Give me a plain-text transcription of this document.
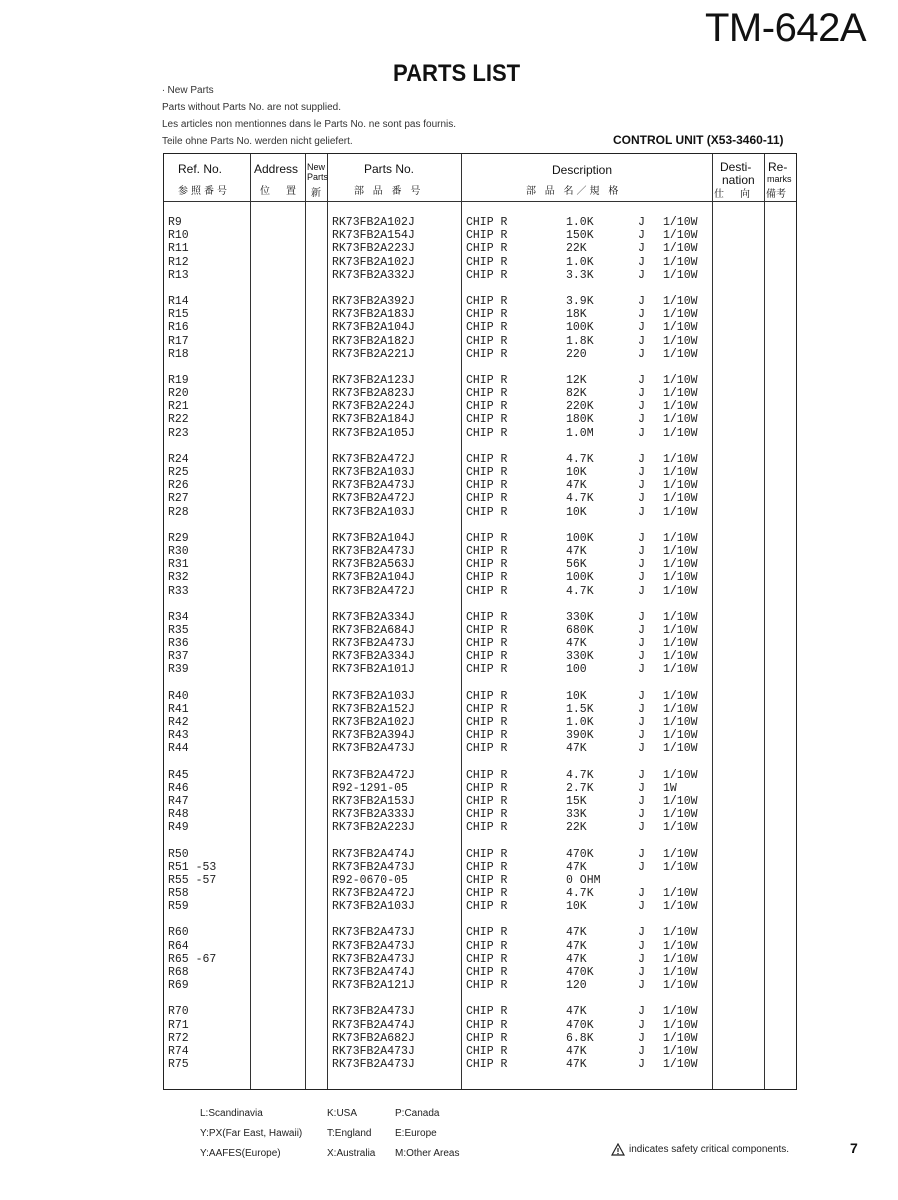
TM-642A
PARTS LIST
∙ New Parts
Parts without Parts No. are not supplied.
Les articles non mentionnes dans le Parts No. ne sont pas fournis.
Teile ohne Parts No. werden nicht geliefert.	CONTROL UNIT (X53-3460-11)
Ref. No.
参照番号
Address
位　置
New
Parts
新
Parts No.
部 品 番 号
Description
部 品 名／規 格
Desti-
nation
仕　向
Re-
marks
備考
R9	RK73FB2A102J	CHIP R	1.0K	J 1/10W
R10	RK73FB2A154J	CHIP R	150K	J 1/10W
R11	RK73FB2A223J	CHIP R	22K	J 1/10W
R12	RK73FB2A102J	CHIP R	1.0K	J 1/10W
R13	RK73FB2A332J	CHIP R	3.3K	J 1/10W
R14	RK73FB2A392J	CHIP R	3.9K	J 1/10W
R15	RK73FB2A183J	CHIP R	18K	J 1/10W
R16	RK73FB2A104J	CHIP R	100K	J 1/10W
R17	RK73FB2A182J	CHIP R	1.8K	J 1/10W
R18	RK73FB2A221J	CHIP R	220	J 1/10W
R19	RK73FB2A123J	CHIP R	12K	J 1/10W
R20	RK73FB2A823J	CHIP R	82K	J 1/10W
R21	RK73FB2A224J	CHIP R	220K	J 1/10W
R22	RK73FB2A184J	CHIP R	180K	J 1/10W
R23	RK73FB2A105J	CHIP R	1.0M	J 1/10W
R24	RK73FB2A472J	CHIP R	4.7K	J 1/10W
R25	RK73FB2A103J	CHIP R	10K	J 1/10W
R26	RK73FB2A473J	CHIP R	47K	J 1/10W
R27	RK73FB2A472J	CHIP R	4.7K	J 1/10W
R28	RK73FB2A103J	CHIP R	10K	J 1/10W
R29	RK73FB2A104J	CHIP R	100K	J 1/10W
R30	RK73FB2A473J	CHIP R	47K	J 1/10W
R31	RK73FB2A563J	CHIP R	56K	J 1/10W
R32	RK73FB2A104J	CHIP R	100K	J 1/10W
R33	RK73FB2A472J	CHIP R	4.7K	J 1/10W
R34	RK73FB2A334J	CHIP R	330K	J 1/10W
R35	RK73FB2A684J	CHIP R	680K	J 1/10W
R36	RK73FB2A473J	CHIP R	47K	J 1/10W
R37	RK73FB2A334J	CHIP R	330K	J 1/10W
R39	RK73FB2A101J	CHIP R	100	J 1/10W
R40	RK73FB2A103J	CHIP R	10K	J 1/10W
R41	RK73FB2A152J	CHIP R	1.5K	J 1/10W
R42	RK73FB2A102J	CHIP R	1.0K	J 1/10W
R43	RK73FB2A394J	CHIP R	390K	J 1/10W
R44	RK73FB2A473J	CHIP R	47K	J 1/10W
R45	RK73FB2A472J	CHIP R	4.7K	J 1/10W
R46	R92-1291-05	CHIP R	2.7K	J 1W
R47	RK73FB2A153J	CHIP R	15K	J 1/10W
R48	RK73FB2A333J	CHIP R	33K	J 1/10W
R49	RK73FB2A223J	CHIP R	22K	J 1/10W
R50	RK73FB2A474J	CHIP R	470K	J 1/10W
R51 -53	RK73FB2A473J	CHIP R	47K	J 1/10W
R55 -57	R92-0670-05	CHIP R	0 OHM
R58	RK73FB2A472J	CHIP R	4.7K	J 1/10W
R59	RK73FB2A103J	CHIP R	10K	J 1/10W
R60	RK73FB2A473J	CHIP R	47K	J 1/10W
R64	RK73FB2A473J	CHIP R	47K	J 1/10W
R65 -67	RK73FB2A473J	CHIP R	47K	J 1/10W
R68	RK73FB2A474J	CHIP R	470K	J 1/10W
R69	RK73FB2A121J	CHIP R	120	J 1/10W
R70	RK73FB2A473J	CHIP R	47K	J 1/10W
R71	RK73FB2A474J	CHIP R	470K	J 1/10W
R72	RK73FB2A682J	CHIP R	6.8K	J 1/10W
R74	RK73FB2A473J	CHIP R	47K	J 1/10W
R75	RK73FB2A473J	CHIP R	47K	J 1/10W
L:Scandinavia	K:USA	P:Canada
Y:PX(Far East, Hawaii) T:England E:Europe
Y:AAFES(Europe)	X:Australia M:Other Areas	indicates safety critical components.	7
